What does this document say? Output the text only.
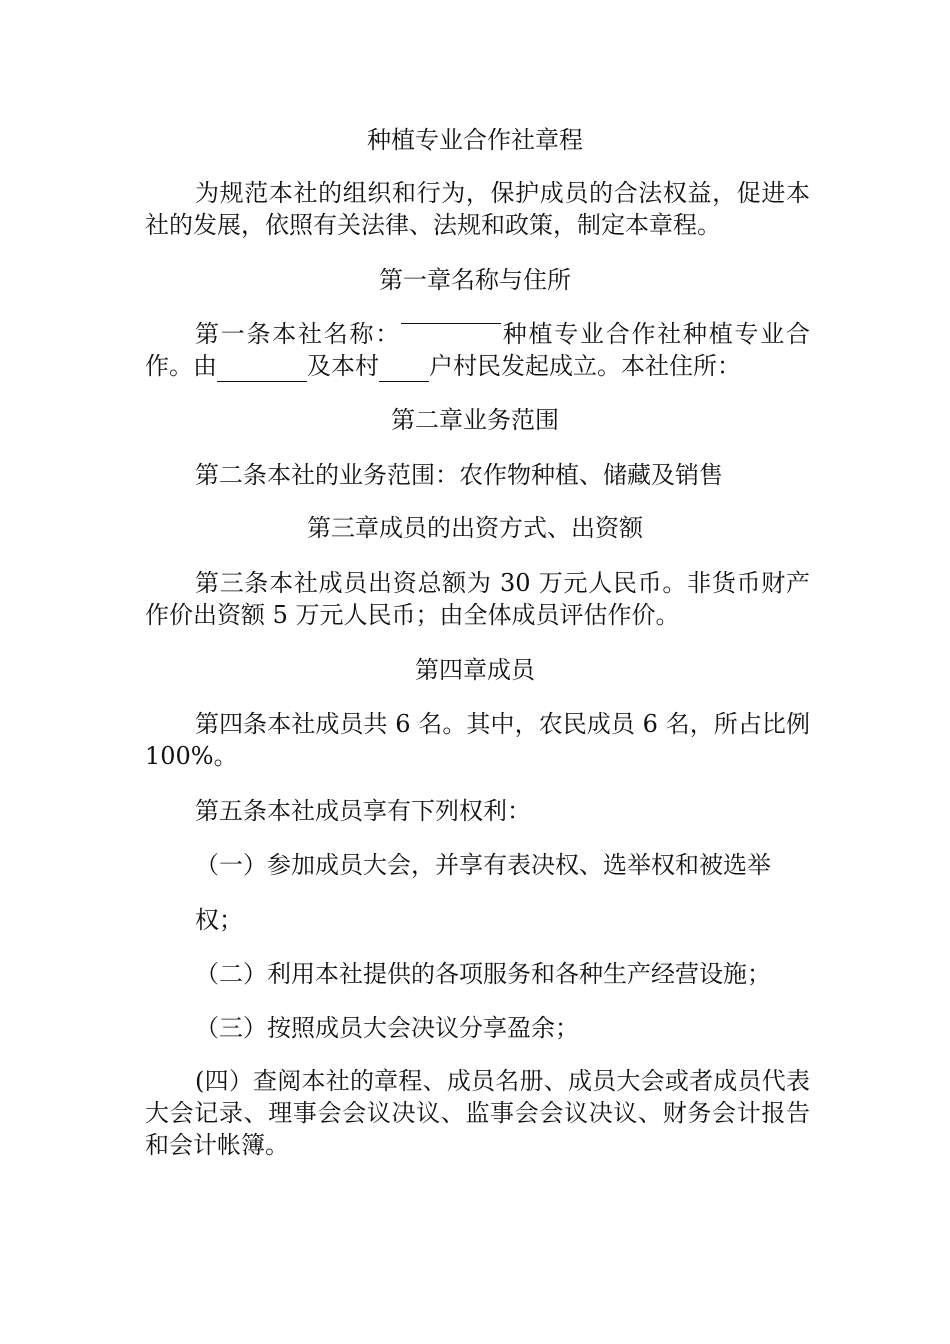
种植专业合作社章程
为规范本社的组织和行为，保护成员的合法权益，促进本社的发展，依照有关法律、法规和政策，制定本章程。
第一章名称与住所
第一条本社名称：	种植专业合作社种植专业合作。由	及本村 户村民发起成立。本社住所：
第二章业务范围
第二条本社的业务范围：农作物种植、储藏及销售
第三章成员的出资方式、出资额
第三条本社成员出资总额为 30 万元人民币。非货币财产作价出资额 5 万元人民币；由全体成员评估作价。
第四章成员
第四条本社成员共 6 名。其中，农民成员 6 名，所占比例 100%。
第五条本社成员享有下列权利：
（一）参加成员大会，并享有表决权、选举权和被选举
权；
（二）利用本社提供的各项服务和各种生产经营设施；
（三）按照成员大会决议分享盈余；
(四）查阅本社的章程、成员名册、成员大会或者成员代表大会记录、理事会会议决议、监事会会议决议、财务会计报告和会计帐簿。
